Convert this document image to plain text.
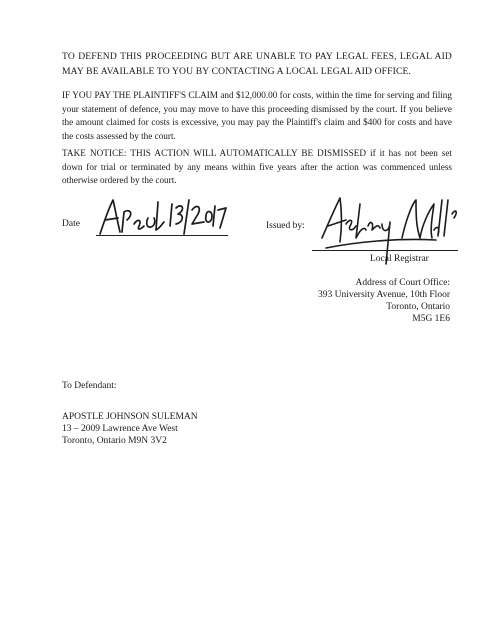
TO DEFEND THIS PROCEEDING BUT ARE UNABLE TO PAY LEGAL FEES, LEGAL AID MAY BE AVAILABLE TO YOU BY CONTACTING A LOCAL LEGAL AID OFFICE.

IF YOU PAY THE PLAINTIFF'S CLAIM and $12,000.00 for costs, within the time for serving and filing your statement of defence, you may move to have this proceeding dismissed by the court. If you believe the amount claimed for costs is excessive, you may pay the Plaintiff's claim and $400 for costs and have the costs assessed by the court.

TAKE NOTICE: THIS ACTION WILL AUTOMATICALLY BE DISMISSED if it has not been set down for trial or terminated by any means within five years after the action was commenced unless otherwise ordered by the court.

Date	Issued by:
Local Registrar
Address of Court Office:
393 University Avenue, 10th Floor
Toronto, Ontario
M5G 1E6
To Defendant:
APOSTLE JOHNSON SULEMAN
13 – 2009 Lawrence Ave West
Toronto, Ontario M9N 3V2
